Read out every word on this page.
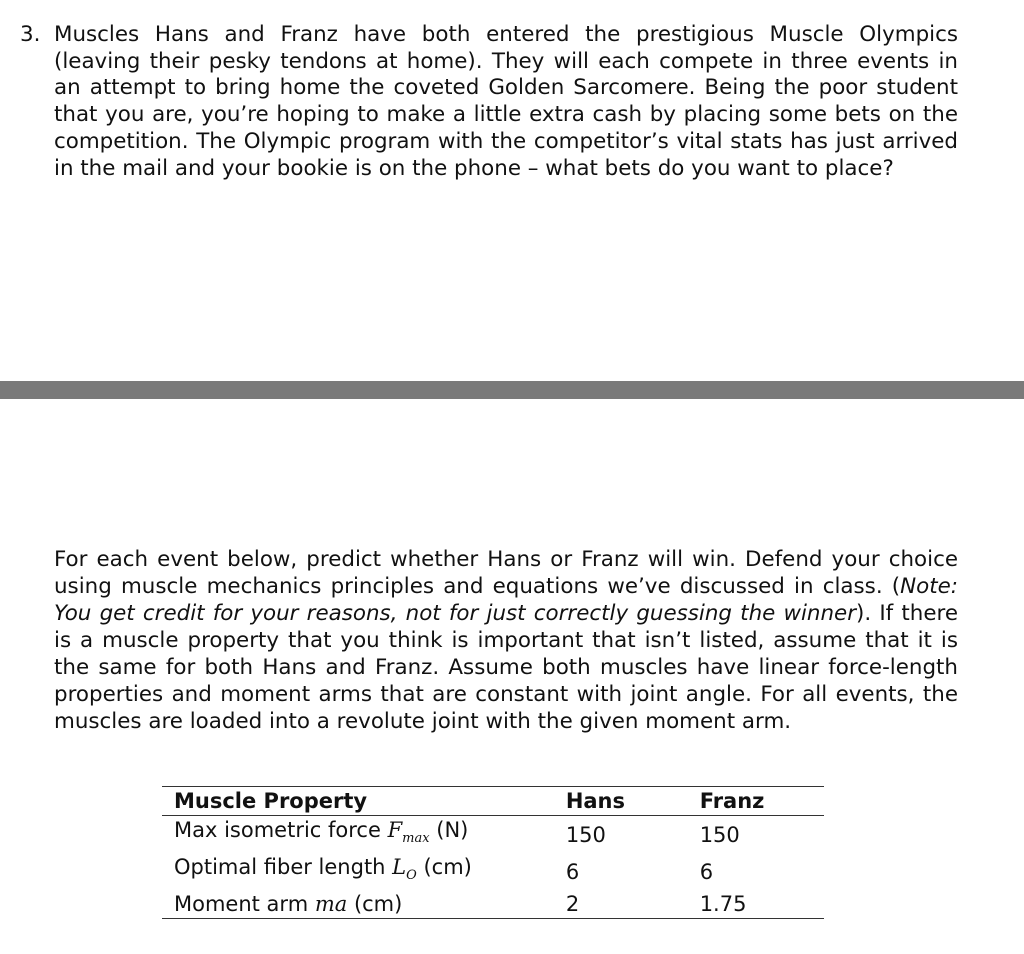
3. Muscles Hans and Franz have both entered the prestigious Muscle Olympics (leaving their pesky tendons at home). They will each compete in three events in an attempt to bring home the coveted Golden Sarcomere. Being the poor student that you are, you’re hoping to make a little extra cash by placing some bets on the competition. The Olympic program with the competitor’s vital stats has just arrived in the mail and your bookie is on the phone – what bets do you want to place?
For each event below, predict whether Hans or Franz will win. Defend your choice using muscle mechanics principles and equations we’ve discussed in class. (Note: You get credit for your reasons, not for just correctly guessing the winner). If there is a muscle property that you think is important that isn’t listed, assume that it is the same for both Hans and Franz. Assume both muscles have linear force-length properties and moment arms that are constant with joint angle. For all events, the muscles are loaded into a revolute joint with the given moment arm.
Muscle Property	Hans	Franz
Max isometric force $F_{max}$ (N)	150	150
Optimal fiber length $L_O$ (cm)	6	6
Moment arm ma (cm)	2	1.75
